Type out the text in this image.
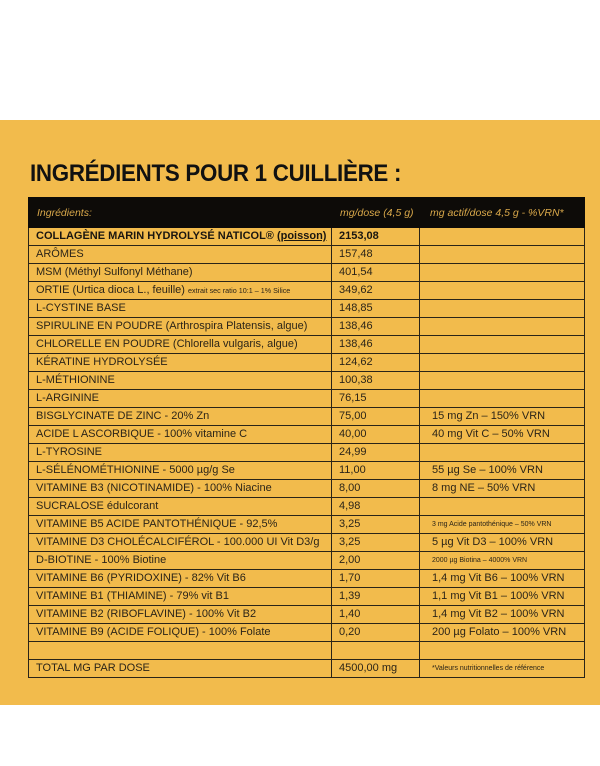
INGRÉDIENTS POUR 1 CUILLIÈRE :
Ingrédients:	mg/dose (4,5 g)	mg actif/dose 4,5 g - %VRN*
COLLAGÈNE MARIN HYDROLYSÉ NATICOL® (poisson)	2153,08	
ARÔMES	157,48	
MSM (Méthyl Sulfonyl Méthane)	401,54	
ORTIE (Urtica dioca L., feuille) extrait sec ratio 10:1 – 1% Silice	349,62	
L-CYSTINE BASE	148,85	
SPIRULINE EN POUDRE (Arthrospira Platensis, algue)	138,46	
CHLORELLE EN POUDRE (Chlorella vulgaris, algue)	138,46	
KÉRATINE HYDROLYSÉE	124,62	
L-MÉTHIONINE	100,38	
L-ARGININE	76,15	
BISGLYCINATE DE ZINC - 20% Zn	75,00	15 mg Zn – 150% VRN
ACIDE L ASCORBIQUE - 100% vitamine C	40,00	40 mg Vit C – 50% VRN
L-TYROSINE	24,99	
L-SÉLÉNOMÉTHIONINE - 5000 µg/g Se	11,00	55 µg Se – 100% VRN
VITAMINE B3 (NICOTINAMIDE) - 100% Niacine	8,00	8 mg NE – 50% VRN
SUCRALOSE édulcorant	4,98	
VITAMINE B5 ACIDE PANTOTHÉNIQUE - 92,5%	3,25	3 mg Acide pantothénique – 50% VRN
VITAMINE D3 CHOLÉCALCIFÉROL - 100.000 UI Vit D3/g	3,25	5 µg Vit D3 – 100% VRN
D-BIOTINE - 100% Biotine	2,00	2000 µg Biotina – 4000% VRN
VITAMINE B6 (PYRIDOXINE) - 82% Vit B6	1,70	1,4 mg Vit B6 – 100% VRN
VITAMINE B1 (THIAMINE) - 79% vit B1	1,39	1,1 mg Vit B1 – 100% VRN
VITAMINE B2 (RIBOFLAVINE) - 100% Vit B2	1,40	1,4 mg Vit B2 – 100% VRN
VITAMINE B9 (ACIDE FOLIQUE) - 100% Folate	0,20	200 µg Folato – 100% VRN

TOTAL MG PAR DOSE	4500,00 mg	*Valeurs nutritionnelles de référence
